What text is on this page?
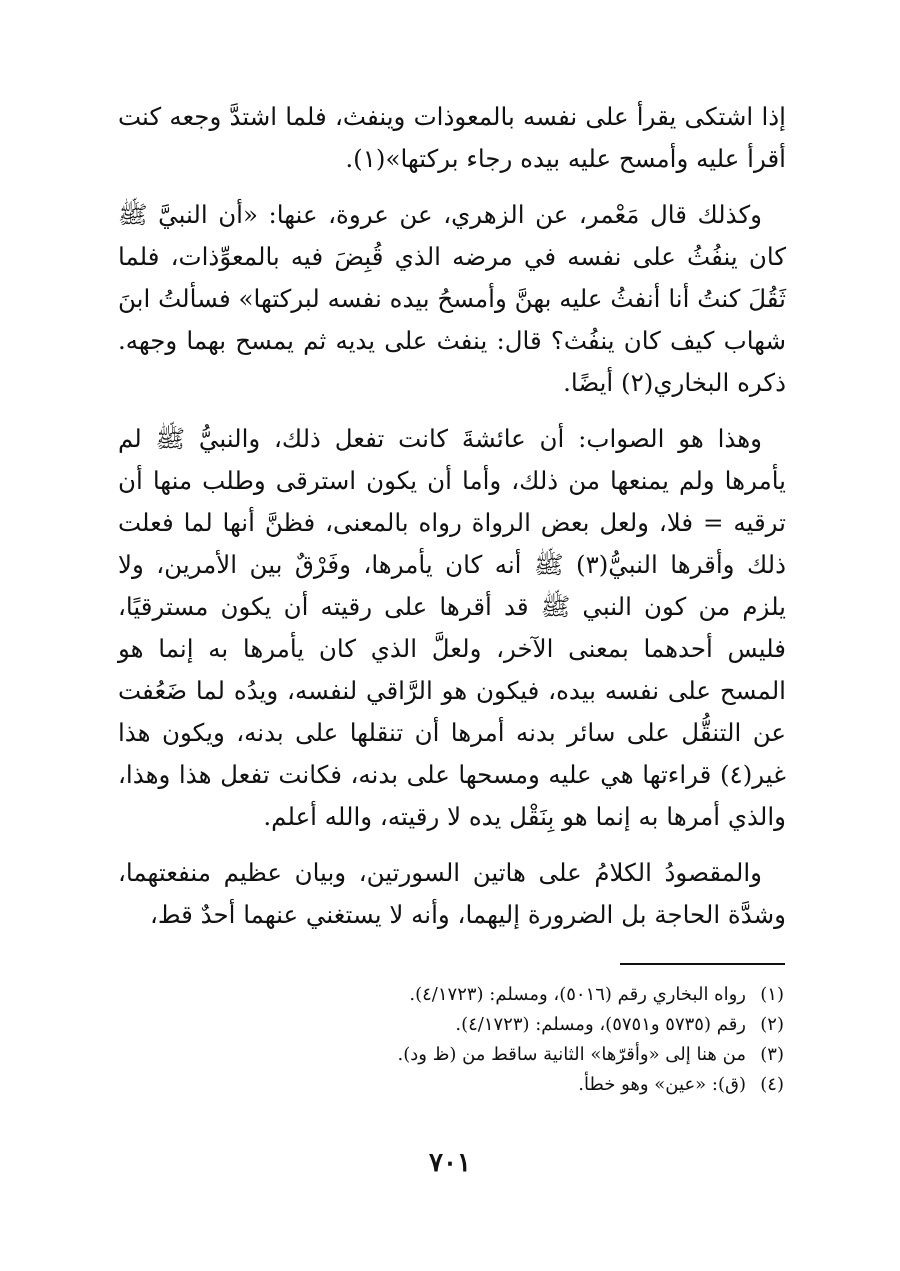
إذا اشتكى يقرأ على نفسه بالمعوذات وينفث، فلما اشتدَّ وجعه كنت أقرأ عليه وأمسح عليه بيده رجاء بركتها»(١).

وكذلك قال مَعْمر، عن الزهري، عن عروة، عنها: «أن النبيَّ ﷺ كان ينفُثُ على نفسه في مرضه الذي قُبِضَ فيه بالمعوِّذات، فلما ثَقُلَ كنتُ أنا أنفثُ عليه بهنَّ وأمسحُ بيده نفسه لبركتها» فسألتُ ابنَ شهاب كيف كان ينفُث؟ قال: ينفث على يديه ثم يمسح بهما وجهه. ذكره البخاري(٢) أيضًا.

وهذا هو الصواب: أن عائشةَ كانت تفعل ذلك، والنبيُّ ﷺ لم يأمرها ولم يمنعها من ذلك، وأما أن يكون استرقى وطلب منها أن ترقيه = فلا، ولعل بعض الرواة رواه بالمعنى، فظنَّ أنها لما فعلت ذلك وأقرها النبيُّ(٣) ﷺ أنه كان يأمرها، وفَرْقٌ بين الأمرين، ولا يلزم من كون النبي ﷺ قد أقرها على رقيته أن يكون مسترقيًا، فليس أحدهما بمعنى الآخر، ولعلَّ الذي كان يأمرها به إنما هو المسح على نفسه بيده، فيكون هو الرَّاقي لنفسه، ويدُه لما ضَعُفت عن التنقُّل على سائر بدنه أمرها أن تنقلها على بدنه، ويكون هذا غير(٤) قراءتها هي عليه ومسحها على بدنه، فكانت تفعل هذا وهذا، والذي أمرها به إنما هو بِنَقْل يده لا رقيته، والله أعلم.

والمقصودُ الكلامُ على هاتين السورتين، وبيان عظيم منفعتهما، وشدَّة الحاجة بل الضرورة إليهما، وأنه لا يستغني عنهما أحدٌ قط،

(١)رواه البخاري رقم (٥٠١٦)، ومسلم: (٤/١٧٢٣).
(٢)رقم (٥٧٣٥ و٥٧٥١)، ومسلم: (٤/١٧٢٣).
(٣)من هنا إلى «وأقرّها» الثانية ساقط من (ظ ود).
(٤)(ق): «عين» وهو خطأ.
٧٠١
